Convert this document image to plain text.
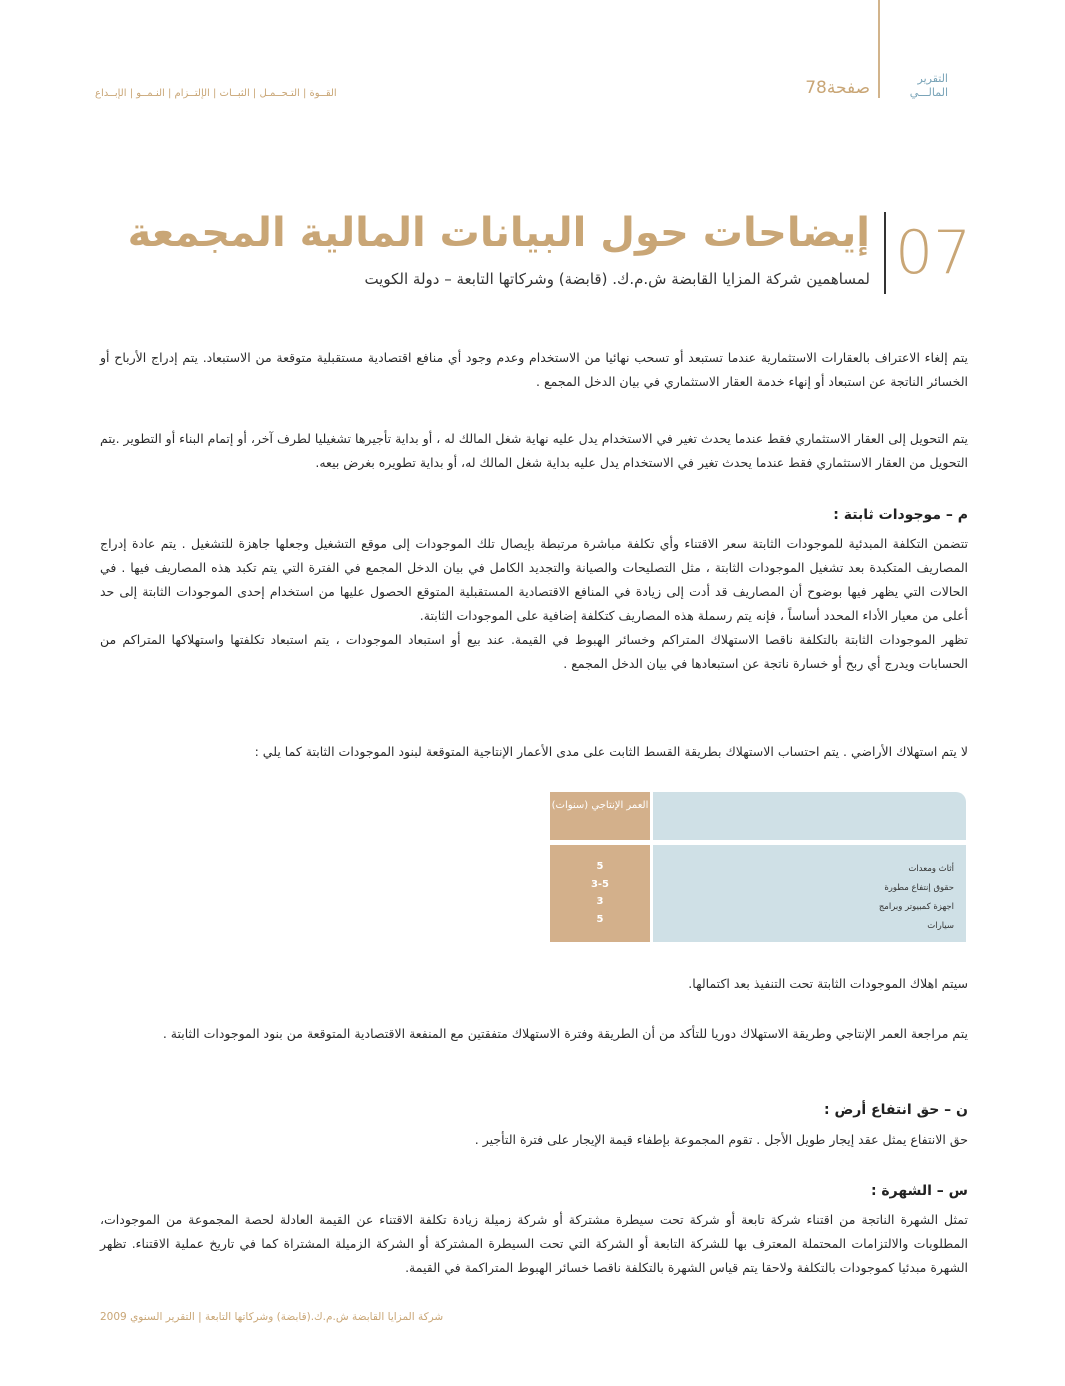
التقرير المالـــي
صفحة78
القــوة | التـحــمـل | الثبــات | الإلتــزام | النـمــو | الإبــداع
07
إيضاحات حول البيانات المالية المجمعة
لمساهمين شركة المزايا القابضة ش.م.ك. (قابضة) وشركاتها التابعة – دولة الكويت

يتم إلغاء الاعتراف بالعقارات الاستثمارية عندما تستبعد أو تسحب نهائيا من الاستخدام وعدم وجود أي منافع اقتصادية مستقبلية متوقعة من الاستبعاد. يتم إدراج الأرباح أو الخسائر الناتجة عن استبعاد أو إنهاء خدمة العقار الاستثماري في بيان الدخل المجمع .

يتم التحويل إلى العقار الاستثماري فقط عندما يحدث تغير في الاستخدام يدل عليه نهاية شغل المالك له ، أو بداية تأجيرها تشغيليا لطرف آخر، أو إتمام البناء أو التطوير .يتم التحويل من العقار الاستثماري فقط عندما يحدث تغير في الاستخدام يدل عليه بداية شغل المالك له، أو بداية تطويره بغرض بيعه.

م – موجودات ثابتة :

تتضمن التكلفة المبدئية للموجودات الثابتة سعر الاقتناء وأي تكلفة مباشرة مرتبطة بإيصال تلك الموجودات إلى موقع التشغيل وجعلها جاهزة للتشغيل . يتم عادة إدراج المصاريف المتكبدة بعد تشغيل الموجودات الثابتة ، مثل التصليحات والصيانة والتجديد الكامل في بيان الدخل المجمع في الفترة التي يتم تكبد هذه المصاريف فيها . في الحالات التي يظهر فيها بوضوح أن المصاريف قد أدت إلى زيادة في المنافع الاقتصادية المستقبلية المتوقع الحصول عليها من استخدام إحدى الموجودات الثابتة إلى حد أعلى من معيار الأداء المحدد أساساً ، فإنه يتم رسملة هذه المصاريف كتكلفة إضافية على الموجودات الثابتة.

تظهر الموجودات الثابتة بالتكلفة ناقصا الاستهلاك المتراكم وخسائر الهبوط في القيمة. عند بيع أو استبعاد الموجودات ، يتم استبعاد تكلفتها واستهلاكها المتراكم من الحسابات ويدرج أي ربح أو خسارة ناتجة عن استبعادها في بيان الدخل المجمع .

لا يتم استهلاك الأراضي . يتم احتساب الاستهلاك بطريقة القسط الثابت على مدى الأعمار الإنتاجية المتوقعة لبنود الموجودات الثابتة كما يلي :

العمر الإنتاجي (سنوات)
أثاث ومعدات
حقوق إنتفاع مطورة
اجهزة كمبيوتر وبرامج
سيارات
5
3-5
3
5

سيتم اهلاك الموجودات الثابتة تحت التنفيذ بعد اكتمالها.

يتم مراجعة العمر الإنتاجي وطريقة الاستهلاك دوريا للتأكد من أن الطريقة وفترة الاستهلاك متفقتين مع المنفعة الاقتصادية المتوقعة من بنود الموجودات الثابتة .

ن – حق انتفاع أرض :

حق الانتفاع يمثل عقد إيجار طويل الأجل . تقوم المجموعة بإطفاء قيمة الإيجار على فترة التأجير .

س – الشهرة :

تمثل الشهرة الناتجة من اقتناء شركة تابعة أو شركة تحت سيطرة مشتركة أو شركة زميلة زيادة تكلفة الاقتناء عن القيمة العادلة لحصة المجموعة من الموجودات، المطلوبات والالتزامات المحتملة المعترف بها للشركة التابعة أو الشركة التي تحت السيطرة المشتركة أو الشركة الزميلة المشتراة كما في تاريخ عملية الاقتناء. تظهر الشهرة مبدئيا كموجودات بالتكلفة ولاحقا يتم قياس الشهرة بالتكلفة ناقصا خسائر الهبوط المتراكمة في القيمة.

شركة المزايا القابضة ش.م.ك.(قابضة) وشركاتها التابعة | التقرير السنوي 2009
